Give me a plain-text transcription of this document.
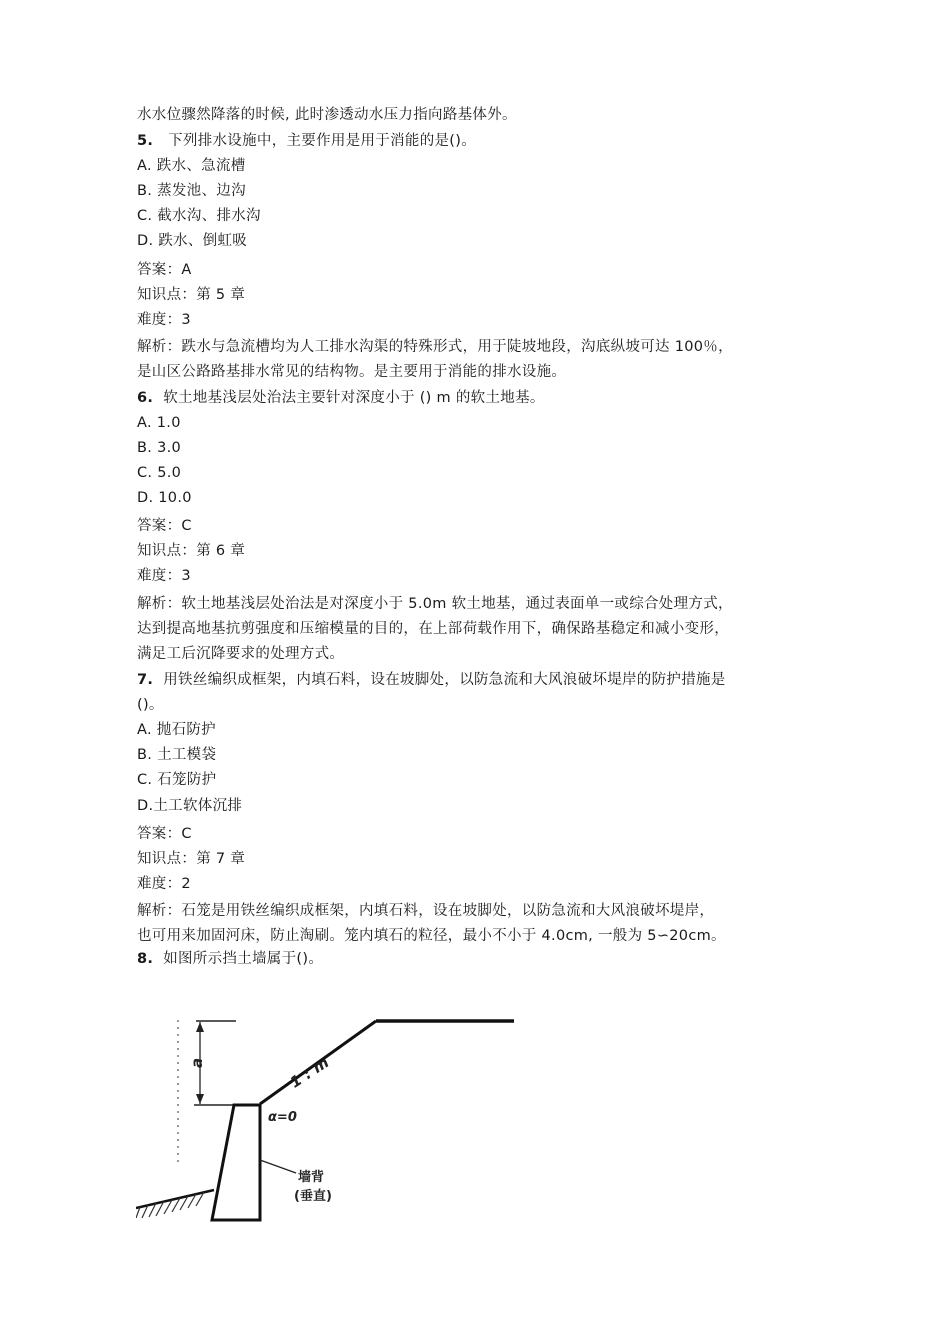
水水位骤然降落的时候, 此时渗透动水压力指向路基体外。
5. 下列排水设施中，主要作用是用于消能的是()。
A. 跌水、急流槽
B. 蒸发池、边沟
C. 截水沟、排水沟
D. 跌水、倒虹吸
答案：A
知识点：第 5 章
难度：3
解析：跌水与急流槽均为人工排水沟渠的特殊形式，用于陡坡地段，沟底纵坡可达 100％，
是山区公路路基排水常见的结构物。是主要用于消能的排水设施。
6. 软土地基浅层处治法主要针对深度小于 () m 的软土地基。
A. 1.0
B. 3.0
C. 5.0
D. 10.0
答案：C
知识点：第 6 章
难度：3
解析：软土地基浅层处治法是对深度小于 5.0m 软土地基，通过表面单一或综合处理方式，
达到提高地基抗剪强度和压缩模量的目的，在上部荷载作用下，确保路基稳定和减小变形，
满足工后沉降要求的处理方式。
7. 用铁丝编织成框架，内填石料，设在坡脚处，以防急流和大风浪破坏堤岸的防护措施是
()。
A. 抛石防护
B. 土工模袋
C. 石笼防护
D.土工软体沉排
答案：C
知识点：第 7 章
难度：2
解析：石笼是用铁丝编织成框架，内填石料，设在坡脚处，以防急流和大风浪破坏堤岸，
也可用来加固河床，防止淘刷。笼内填石的粒径，最小不小于 4.0cm, 一般为 5∽20cm。
8. 如图所示挡土墙属于()。
a	1 : m
α=0
墙背
(垂直)
